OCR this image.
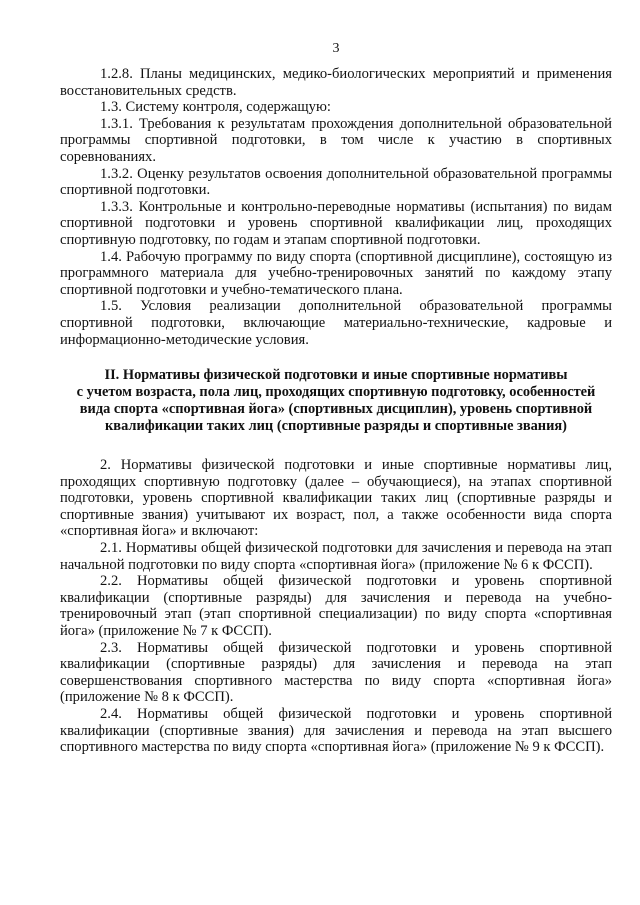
3

1.2.8. Планы медицинских, медико-биологических мероприятий и применения восстановительных средств.

1.3. Систему контроля, содержащую:

1.3.1. Требования к результатам прохождения дополнительной образовательной программы спортивной подготовки, в том числе к участию в спортивных соревнованиях.

1.3.2. Оценку результатов освоения дополнительной образовательной программы спортивной подготовки.

1.3.3. Контрольные и контрольно-переводные нормативы (испытания) по видам спортивной подготовки и уровень спортивной квалификации лиц, проходящих спортивную подготовку, по годам и этапам спортивной подготовки.

1.4. Рабочую программу по виду спорта (спортивной дисциплине), состоящую из программного материала для учебно-тренировочных занятий по каждому этапу спортивной подготовки и учебно-тематического плана.

1.5. Условия реализации дополнительной образовательной программы спортивной подготовки, включающие материально-технические, кадровые и информационно-методические условия.

II. Нормативы физической подготовки и иные спортивные нормативы
с учетом возраста, пола лиц, проходящих спортивную подготовку, особенностей
вида спорта «спортивная йога» (спортивных дисциплин), уровень спортивной
квалификации таких лиц (спортивные разряды и спортивные звания)

2. Нормативы физической подготовки и иные спортивные нормативы лиц, проходящих спортивную подготовку (далее – обучающиеся), на этапах спортивной подготовки, уровень спортивной квалификации таких лиц (спортивные разряды и спортивные звания) учитывают их возраст, пол, а также особенности вида спорта «спортивная йога» и включают:

2.1. Нормативы общей физической подготовки для зачисления и перевода на этап начальной подготовки по виду спорта «спортивная йога» (приложение № 6 к ФССП).

2.2. Нормативы общей физической подготовки и уровень спортивной квалификации (спортивные разряды) для зачисления и перевода на учебно-тренировочный этап (этап спортивной специализации) по виду спорта «спортивная йога» (приложение № 7 к ФССП).

2.3. Нормативы общей физической подготовки и уровень спортивной квалификации (спортивные разряды) для зачисления и перевода на этап совершенствования спортивного мастерства по виду спорта «спортивная йога» (приложение № 8 к ФССП).

2.4. Нормативы общей физической подготовки и уровень спортивной квалификации (спортивные звания) для зачисления и перевода на этап высшего спортивного мастерства по виду спорта «спортивная йога» (приложение № 9 к ФССП).
